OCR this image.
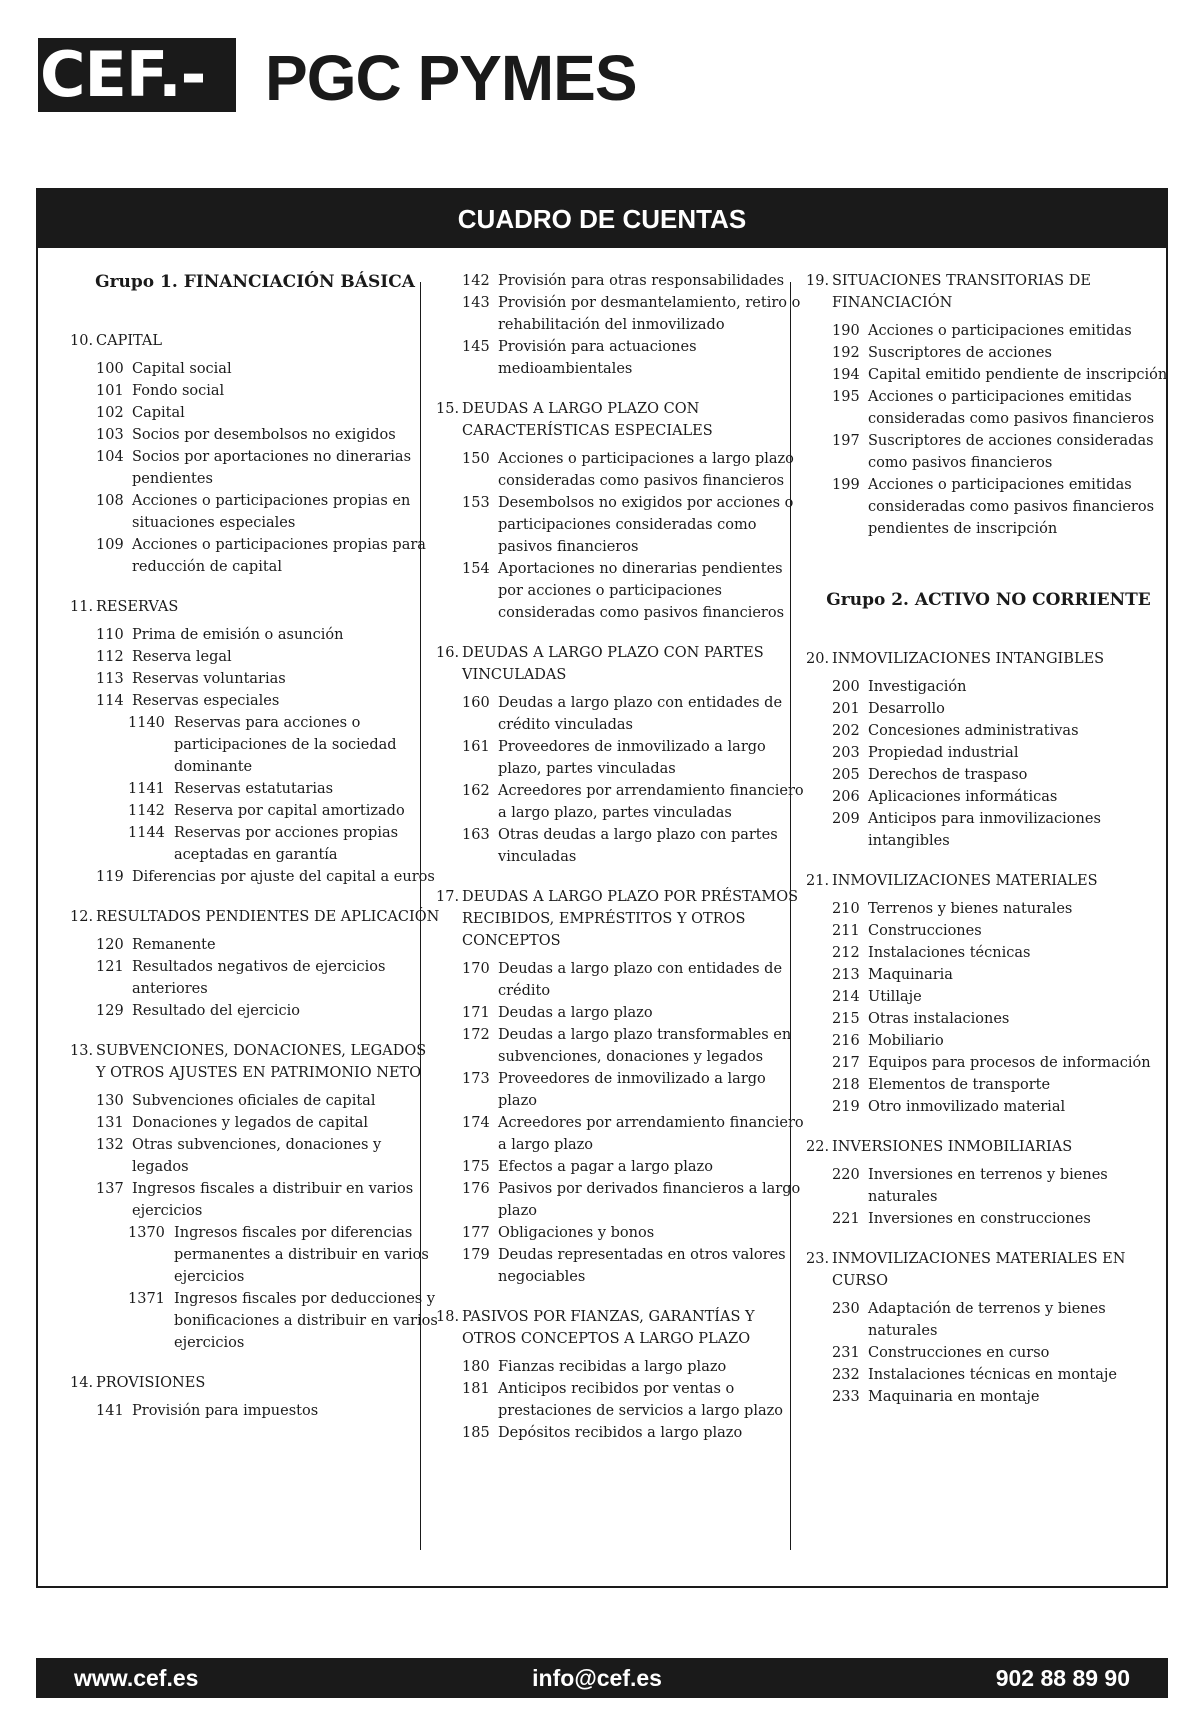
CEF.- PGC PYMES
CUADRO DE CUENTAS
Grupo 1. FINANCIACIÓN BÁSICA
10. CAPITAL
100 Capital social
101 Fondo social
102 Capital
103 Socios por desembolsos no exigidos
104 Socios por aportaciones no dinerarias pendientes
108 Acciones o participaciones propias en situaciones especiales
109 Acciones o participaciones propias para reducción de capital
11. RESERVAS
110 Prima de emisión o asunción
112 Reserva legal
113 Reservas voluntarias
114 Reservas especiales
1140 Reservas para acciones o participaciones de la sociedad dominante
1141 Reservas estatutarias
1142 Reserva por capital amortizado
1144 Reservas por acciones propias aceptadas en garantía
119 Diferencias por ajuste del capital a euros
12. RESULTADOS PENDIENTES DE APLICACIÓN
120 Remanente
121 Resultados negativos de ejercicios anteriores
129 Resultado del ejercicio
13. SUBVENCIONES, DONACIONES, LEGADOS Y OTROS AJUSTES EN PATRIMONIO NETO
130 Subvenciones oficiales de capital
131 Donaciones y legados de capital
132 Otras subvenciones, donaciones y legados
137 Ingresos fiscales a distribuir en varios ejercicios
1370 Ingresos fiscales por diferencias permanentes a distribuir en varios ejercicios
1371 Ingresos fiscales por deducciones y bonificaciones a distribuir en varios ejercicios
14. PROVISIONES
141 Provisión para impuestos
142 Provisión para otras responsabilidades
143 Provisión por desmantelamiento, retiro o rehabilitación del inmovilizado
145 Provisión para actuaciones medioambientales
15. DEUDAS A LARGO PLAZO CON CARACTERÍSTICAS ESPECIALES
150 Acciones o participaciones a largo plazo consideradas como pasivos financieros
153 Desembolsos no exigidos por acciones o participaciones consideradas como pasivos financieros
154 Aportaciones no dinerarias pendientes por acciones o participaciones consideradas como pasivos financieros
16. DEUDAS A LARGO PLAZO CON PARTES VINCULADAS
160 Deudas a largo plazo con entidades de crédito vinculadas
161 Proveedores de inmovilizado a largo plazo, partes vinculadas
162 Acreedores por arrendamiento financiero a largo plazo, partes vinculadas
163 Otras deudas a largo plazo con partes vinculadas
17. DEUDAS A LARGO PLAZO POR PRÉSTAMOS RECIBIDOS, EMPRÉSTITOS Y OTROS CONCEPTOS
170 Deudas a largo plazo con entidades de crédito
171 Deudas a largo plazo
172 Deudas a largo plazo transformables en subvenciones, donaciones y legados
173 Proveedores de inmovilizado a largo plazo
174 Acreedores por arrendamiento financiero a largo plazo
175 Efectos a pagar a largo plazo
176 Pasivos por derivados financieros a largo plazo
177 Obligaciones y bonos
179 Deudas representadas en otros valores negociables
18. PASIVOS POR FIANZAS, GARANTÍAS Y OTROS CONCEPTOS A LARGO PLAZO
180 Fianzas recibidas a largo plazo
181 Anticipos recibidos por ventas o prestaciones de servicios a largo plazo
185 Depósitos recibidos a largo plazo
19. SITUACIONES TRANSITORIAS DE FINANCIACIÓN
190 Acciones o participaciones emitidas
192 Suscriptores de acciones
194 Capital emitido pendiente de inscripción
195 Acciones o participaciones emitidas consideradas como pasivos financieros
197 Suscriptores de acciones consideradas como pasivos financieros
199 Acciones o participaciones emitidas consideradas como pasivos financieros pendientes de inscripción
Grupo 2. ACTIVO NO CORRIENTE
20. INMOVILIZACIONES INTANGIBLES
200 Investigación
201 Desarrollo
202 Concesiones administrativas
203 Propiedad industrial
205 Derechos de traspaso
206 Aplicaciones informáticas
209 Anticipos para inmovilizaciones intangibles
21. INMOVILIZACIONES MATERIALES
210 Terrenos y bienes naturales
211 Construcciones
212 Instalaciones técnicas
213 Maquinaria
214 Utillaje
215 Otras instalaciones
216 Mobiliario
217 Equipos para procesos de información
218 Elementos de transporte
219 Otro inmovilizado material
22. INVERSIONES INMOBILIARIAS
220 Inversiones en terrenos y bienes naturales
221 Inversiones en construcciones
23. INMOVILIZACIONES MATERIALES EN CURSO
230 Adaptación de terrenos y bienes naturales
231 Construcciones en curso
232 Instalaciones técnicas en montaje
233 Maquinaria en montaje
www.cef.es	info@cef.es	902 88 89 90
